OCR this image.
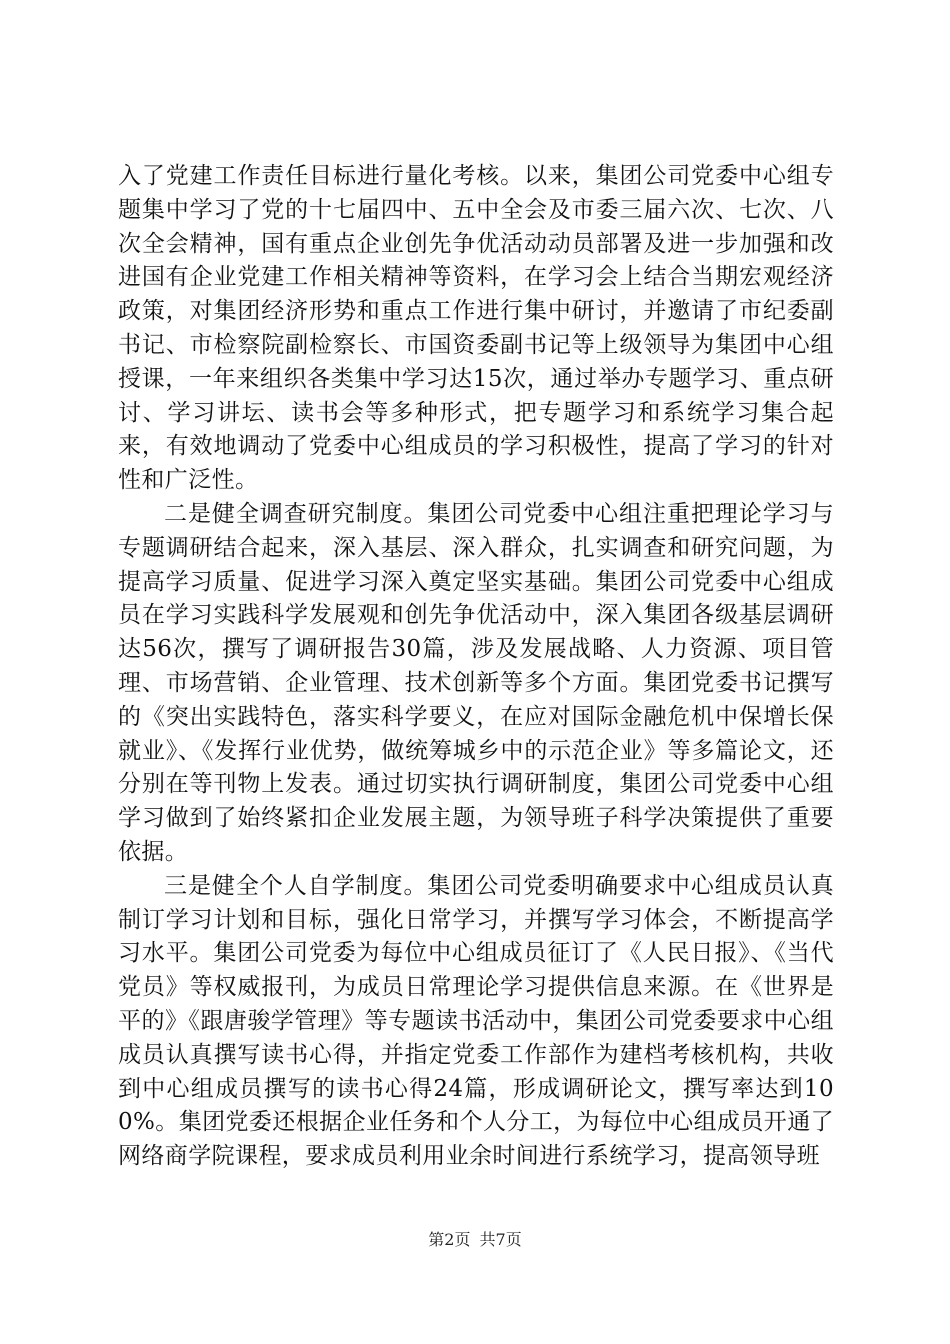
入了党建工作责任目标进行量化考核。以来，集团公司党委中心组专题集中学习了党的十七届四中、五中全会及市委三届六次、七次、八次全会精神，国有重点企业创先争优活动动员部署及进一步加强和改进国有企业党建工作相关精神等资料，在学习会上结合当期宏观经济政策，对集团经济形势和重点工作进行集中研讨，并邀请了市纪委副书记、市检察院副检察长、市国资委副书记等上级领导为集团中心组授课，一年来组织各类集中学习达15次，通过举办专题学习、重点研讨、学习讲坛、读书会等多种形式，把专题学习和系统学习集合起来，有效地调动了党委中心组成员的学习积极性，提高了学习的针对性和广泛性。

二是健全调查研究制度。集团公司党委中心组注重把理论学习与专题调研结合起来，深入基层、深入群众，扎实调查和研究问题，为提高学习质量、促进学习深入奠定坚实基础。集团公司党委中心组成员在学习实践科学发展观和创先争优活动中，深入集团各级基层调研达56次，撰写了调研报告30篇，涉及发展战略、人力资源、项目管理、市场营销、企业管理、技术创新等多个方面。集团党委书记撰写的《突出实践特色，落实科学要义，在应对国际金融危机中保增长保就业》、《发挥行业优势，做统筹城乡中的示范企业》等多篇论文，还分别在等刊物上发表。通过切实执行调研制度，集团公司党委中心组学习做到了始终紧扣企业发展主题，为领导班子科学决策提供了重要依据。

三是健全个人自学制度。集团公司党委明确要求中心组成员认真制订学习计划和目标，强化日常学习，并撰写学习体会，不断提高学习水平。集团公司党委为每位中心组成员征订了《人民日报》、《当代党员》等权威报刊，为成员日常理论学习提供信息来源。在《世界是平的》《跟唐骏学管理》等专题读书活动中，集团公司党委要求中心组成员认真撰写读书心得，并指定党委工作部作为建档考核机构，共收到中心组成员撰写的读书心得24篇，形成调研论文，撰写率达到100%。集团党委还根据企业任务和个人分工，为每位中心组成员开通了网络商学院课程，要求成员利用业余时间进行系统学习，提高领导班

第2页 共7页
